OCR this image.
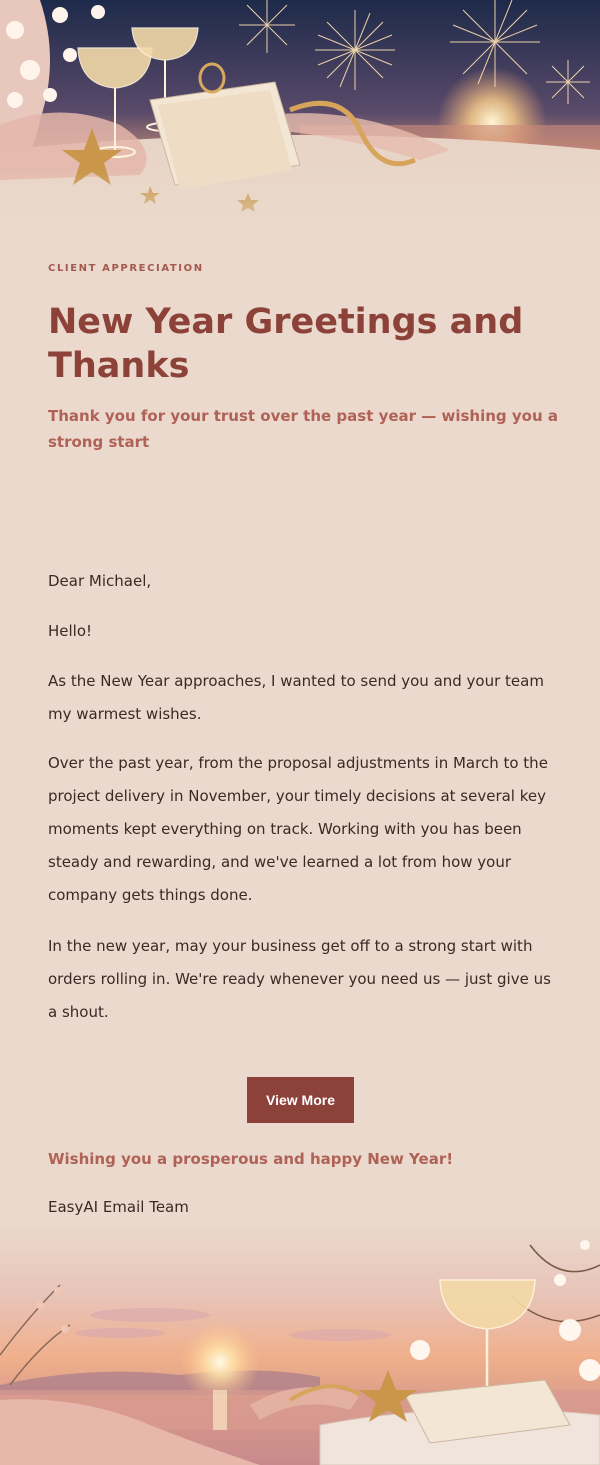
CLIENT APPRECIATION
New Year Greetings and Thanks
Thank you for your trust over the past year — wishing you a strong start

Dear Michael,

Hello!

As the New Year approaches, I wanted to send you and your team my warmest wishes.

Over the past year, from the proposal adjustments in March to the project delivery in November, your timely decisions at several key moments kept everything on track. Working with you has been steady and rewarding, and we've learned a lot from how your company gets things done.

In the new year, may your business get off to a strong start with orders rolling in. We're ready whenever you need us — just give us a shout.

View More
Wishing you a prosperous and happy New Year!
EasyAI Email Team
